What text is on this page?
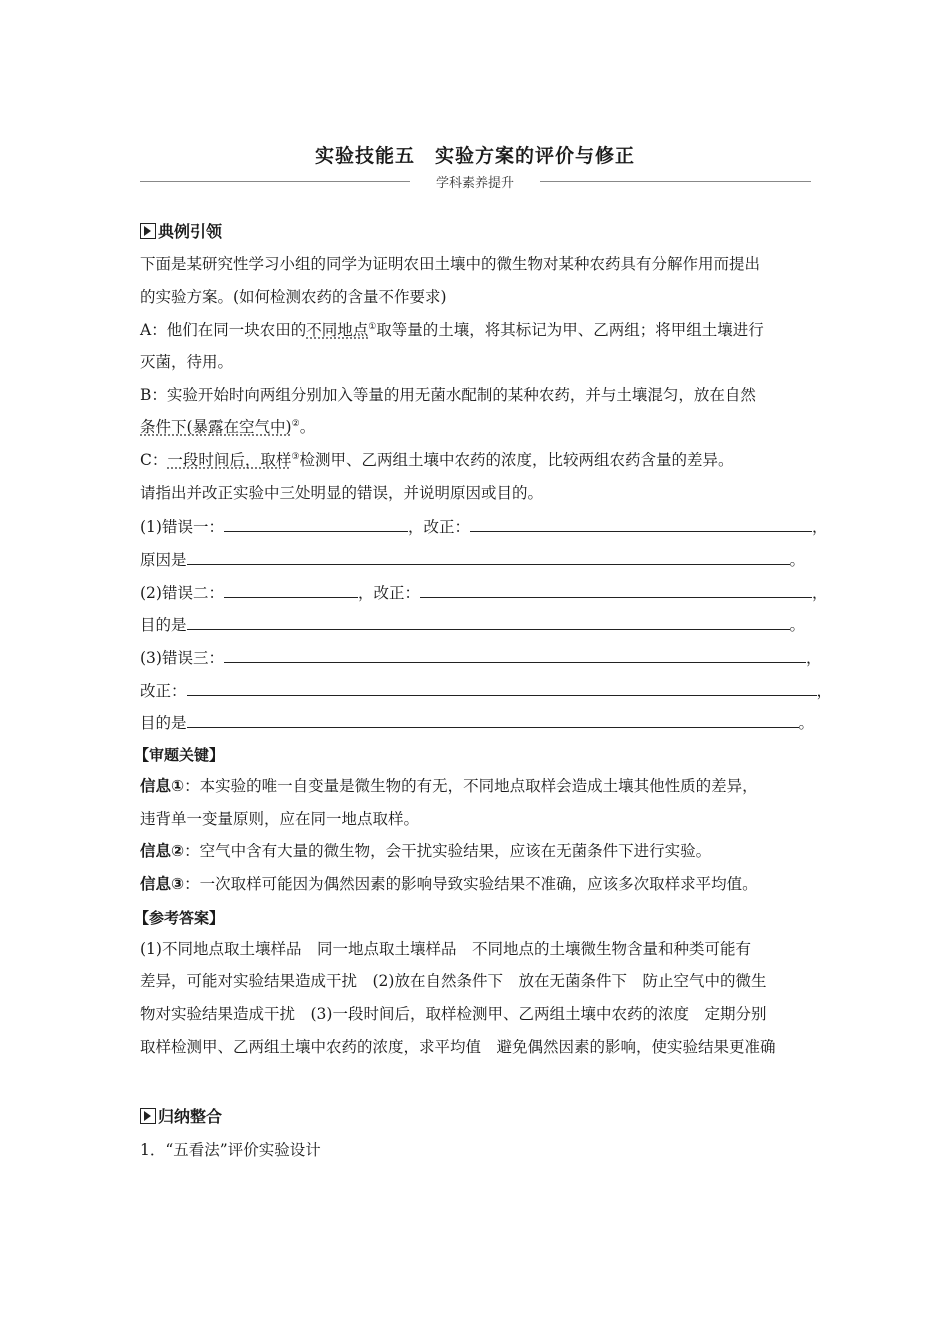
实验技能五　实验方案的评价与修正
学科素养提升
典例引领
下面是某研究性学习小组的同学为证明农田土壤中的微生物对某种农药具有分解作用而提出
的实验方案。(如何检测农药的含量不作要求)
A：他们在同一块农田的不同地点①取等量的土壤，将其标记为甲、乙两组；将甲组土壤进行
灭菌，待用。
B：实验开始时向两组分别加入等量的用无菌水配制的某种农药，并与土壤混匀，放在自然
条件下(暴露在空气中)②。
C：一段时间后，取样③检测甲、乙两组土壤中农药的浓度，比较两组农药含量的差异。
请指出并改正实验中三处明显的错误，并说明原因或目的。
(1)错误一：	，改正：	，
原因是	。
(2)错误二：	，改正：	，
目的是	。
(3)错误三：	，
改正：	，
目的是	。
【审题关键】
信息①：本实验的唯一自变量是微生物的有无，不同地点取样会造成土壤其他性质的差异，
违背单一变量原则，应在同一地点取样。
信息②：空气中含有大量的微生物，会干扰实验结果，应该在无菌条件下进行实验。
信息③：一次取样可能因为偶然因素的影响导致实验结果不准确，应该多次取样求平均值。
【参考答案】
(1)不同地点取土壤样品　同一地点取土壤样品　不同地点的土壤微生物含量和种类可能有
差异，可能对实验结果造成干扰　(2)放在自然条件下　放在无菌条件下　防止空气中的微生
物对实验结果造成干扰　(3)一段时间后，取样检测甲、乙两组土壤中农药的浓度　定期分别
取样检测甲、乙两组土壤中农药的浓度，求平均值　避免偶然因素的影响，使实验结果更准确
归纳整合
1．“五看法”评价实验设计
